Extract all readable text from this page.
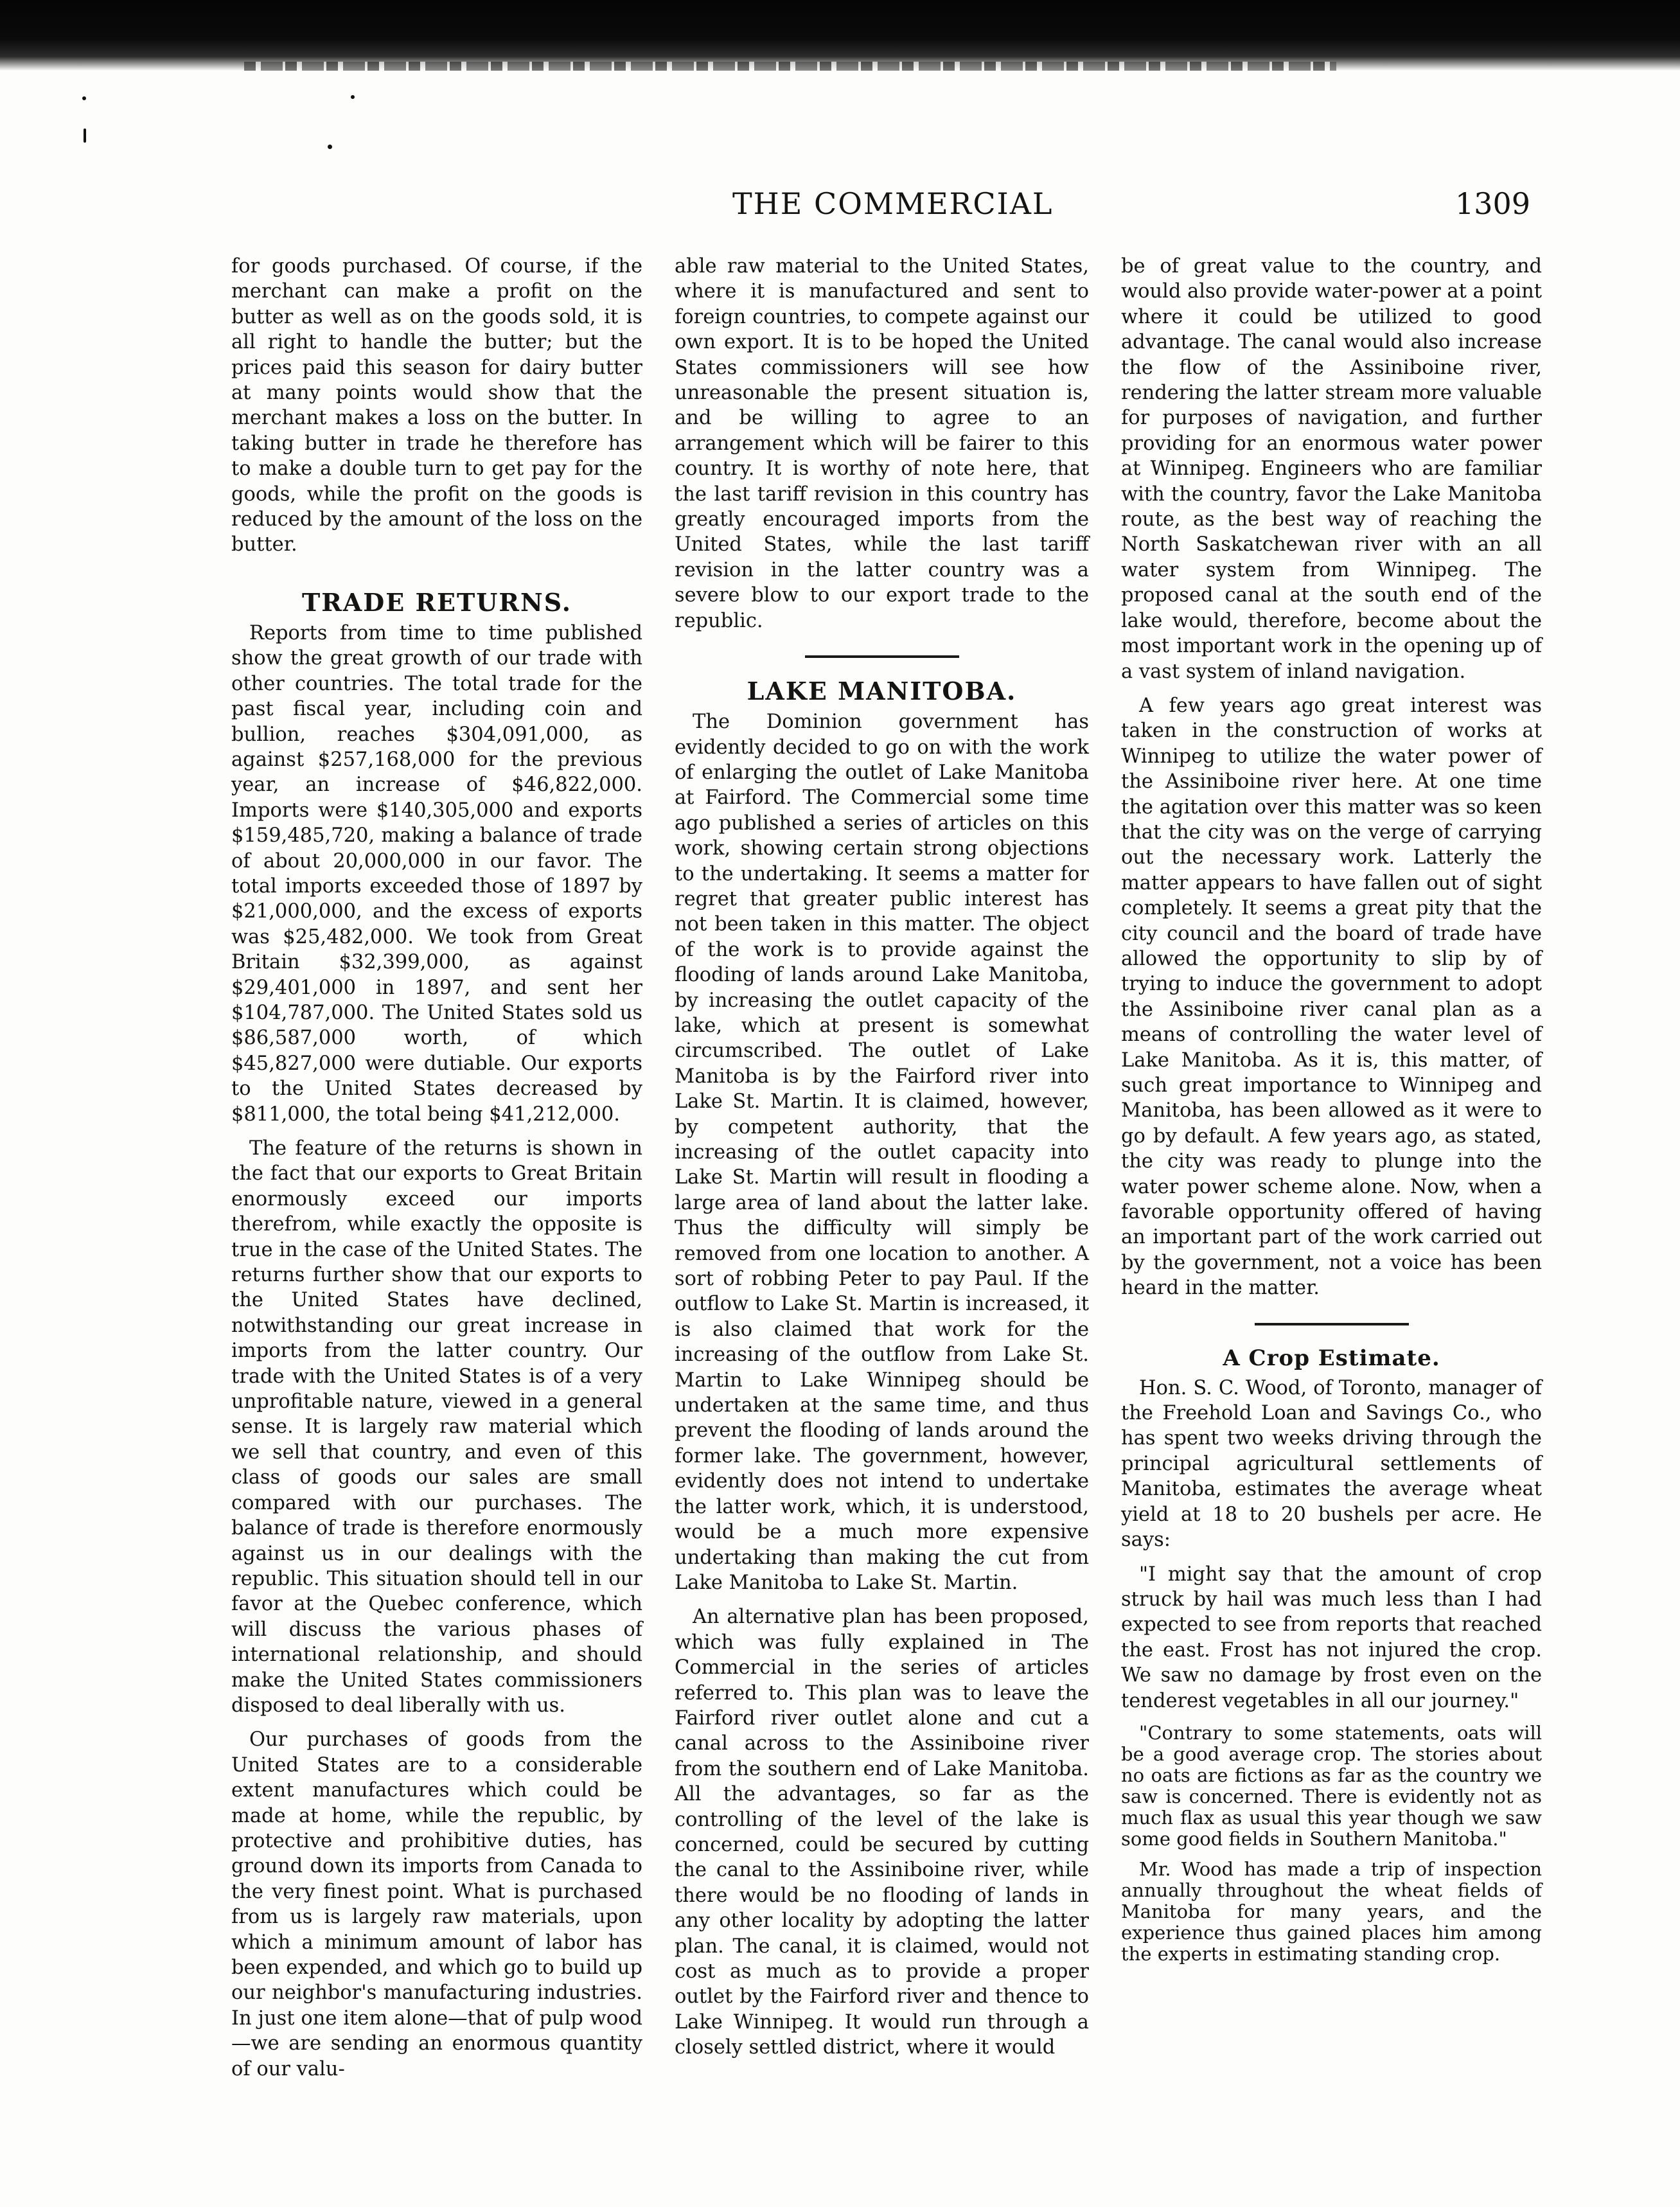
THE COMMERCIAL	1309

for goods purchased. Of course, if the merchant can make a profit on the butter as well as on the goods sold, it is all right to handle the butter; but the prices paid this season for dairy butter at many points would show that the merchant makes a loss on the butter. In taking butter in trade he therefore has to make a double turn to get pay for the goods, while the profit on the goods is reduced by the amount of the loss on the butter.

TRADE RETURNS.

Reports from time to time published show the great growth of our trade with other countries. The total trade for the past fiscal year, including coin and bullion, reaches $304,091,000, as against $257,168,000 for the previous year, an increase of $46,822,000. Imports were $140,305,000 and exports $159,485,720, making a balance of trade of about 20,000,000 in our favor. The total imports exceeded those of 1897 by $21,000,000, and the excess of exports was $25,482,000. We took from Great Britain $32,399,000, as against $29,401,000 in 1897, and sent her $104,787,000. The United States sold us $86,587,000 worth, of which $45,827,000 were dutiable. Our exports to the United States decreased by $811,000, the total being $41,212,000.

The feature of the returns is shown in the fact that our exports to Great Britain enormously exceed our imports therefrom, while exactly the opposite is true in the case of the United States. The returns further show that our exports to the United States have declined, notwithstanding our great increase in imports from the latter country. Our trade with the United States is of a very unprofitable nature, viewed in a general sense. It is largely raw material which we sell that country, and even of this class of goods our sales are small compared with our purchases. The balance of trade is therefore enormously against us in our dealings with the republic. This situation should tell in our favor at the Quebec conference, which will discuss the various phases of international relationship, and should make the United States commissioners disposed to deal liberally with us.

Our purchases of goods from the United States are to a considerable extent manufactures which could be made at home, while the republic, by protective and prohibitive duties, has ground down its imports from Canada to the very finest point. What is purchased from us is largely raw materials, upon which a minimum amount of labor has been expended, and which go to build up our neighbor's manufacturing industries. In just one item alone—that of pulp wood—we are sending an enormous quantity of our valu-

able raw material to the United States, where it is manufactured and sent to foreign countries, to compete against our own export. It is to be hoped the United States commissioners will see how unreasonable the present situation is, and be willing to agree to an arrangement which will be fairer to this country. It is worthy of note here, that the last tariff revision in this country has greatly encouraged imports from the United States, while the last tariff revision in the latter country was a severe blow to our export trade to the republic.

LAKE MANITOBA.

The Dominion government has evidently decided to go on with the work of enlarging the outlet of Lake Manitoba at Fairford. The Commercial some time ago published a series of articles on this work, showing certain strong objections to the undertaking. It seems a matter for regret that greater public interest has not been taken in this matter. The object of the work is to provide against the flooding of lands around Lake Manitoba, by increasing the outlet capacity of the lake, which at present is somewhat circumscribed. The outlet of Lake Manitoba is by the Fairford river into Lake St. Martin. It is claimed, however, by competent authority, that the increasing of the outlet capacity into Lake St. Martin will result in flooding a large area of land about the latter lake. Thus the difficulty will simply be removed from one location to another. A sort of robbing Peter to pay Paul. If the outflow to Lake St. Martin is increased, it is also claimed that work for the increasing of the outflow from Lake St. Martin to Lake Winnipeg should be undertaken at the same time, and thus prevent the flooding of lands around the former lake. The government, however, evidently does not intend to undertake the latter work, which, it is understood, would be a much more expensive undertaking than making the cut from Lake Manitoba to Lake St. Martin.

An alternative plan has been proposed, which was fully explained in The Commercial in the series of articles referred to. This plan was to leave the Fairford river outlet alone and cut a canal across to the Assiniboine river from the southern end of Lake Manitoba. All the advantages, so far as the controlling of the level of the lake is concerned, could be secured by cutting the canal to the Assiniboine river, while there would be no flooding of lands in any other locality by adopting the latter plan. The canal, it is claimed, would not cost as much as to provide a proper outlet by the Fairford river and thence to Lake Winnipeg. It would run through a closely settled district, where it would

be of great value to the country, and would also provide water-power at a point where it could be utilized to good advantage. The canal would also increase the flow of the Assiniboine river, rendering the latter stream more valuable for purposes of navigation, and further providing for an enormous water power at Winnipeg. Engineers who are familiar with the country, favor the Lake Manitoba route, as the best way of reaching the North Saskatchewan river with an all water system from Winnipeg. The proposed canal at the south end of the lake would, therefore, become about the most important work in the opening up of a vast system of inland navigation.

A few years ago great interest was taken in the construction of works at Winnipeg to utilize the water power of the Assiniboine river here. At one time the agitation over this matter was so keen that the city was on the verge of carrying out the necessary work. Latterly the matter appears to have fallen out of sight completely. It seems a great pity that the city council and the board of trade have allowed the opportunity to slip by of trying to induce the government to adopt the Assiniboine river canal plan as a means of controlling the water level of Lake Manitoba. As it is, this matter, of such great importance to Winnipeg and Manitoba, has been allowed as it were to go by default. A few years ago, as stated, the city was ready to plunge into the water power scheme alone. Now, when a favorable opportunity offered of having an important part of the work carried out by the government, not a voice has been heard in the matter.

A Crop Estimate.

Hon. S. C. Wood, of Toronto, manager of the Freehold Loan and Savings Co., who has spent two weeks driving through the principal agricultural settlements of Manitoba, estimates the average wheat yield at 18 to 20 bushels per acre. He says:

"I might say that the amount of crop struck by hail was much less than I had expected to see from reports that reached the east. Frost has not injured the crop. We saw no damage by frost even on the tenderest vegetables in all our journey."

"Contrary to some statements, oats will be a good average crop. The stories about no oats are fictions as far as the country we saw is concerned. There is evidently not as much flax as usual this year though we saw some good fields in Southern Manitoba."

Mr. Wood has made a trip of inspection annually throughout the wheat fields of Manitoba for many years, and the experience thus gained places him among the experts in estimating standing crop.
